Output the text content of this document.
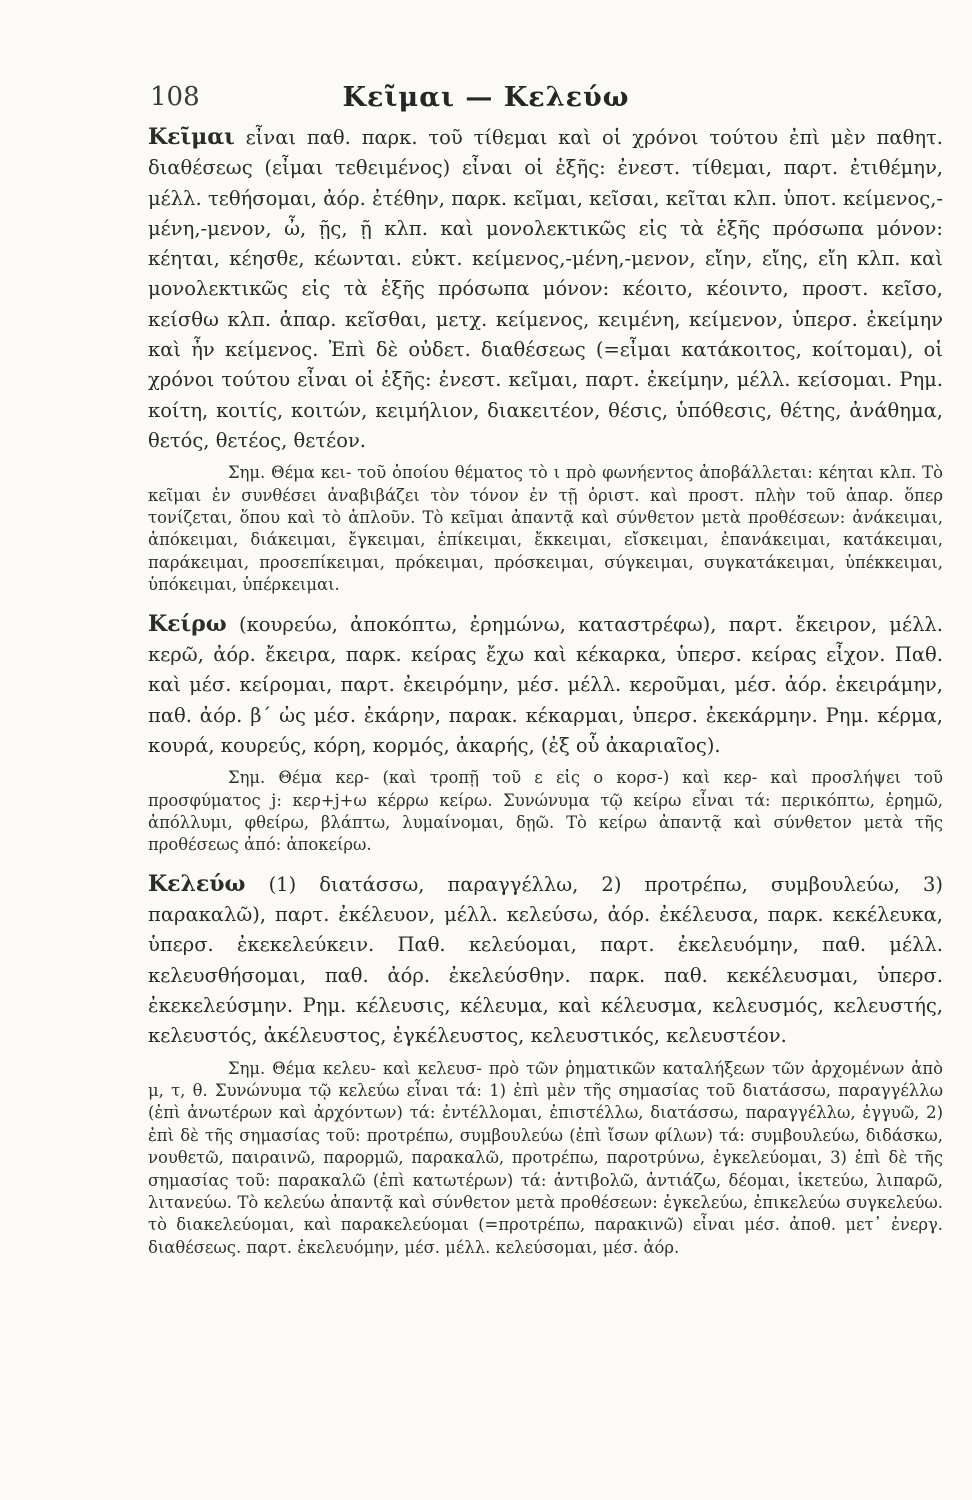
108	Κεῖμαι — Κελεύω

Κεῖμαι εἶναι παθ. παρκ. τοῦ τίθεμαι καὶ οἱ χρόνοι τούτου ἐπὶ μὲν παθητ. διαθέσεως (εἶμαι τεθειμένος) εἶναι οἱ ἑξῆς: ἐνεστ. τίθεμαι, παρτ. ἐτιθέμην, μέλλ. τεθήσομαι, ἀόρ. ἐτέθην, παρκ. κεῖμαι, κεῖσαι, κεῖται κλπ. ὑποτ. κείμενος,-μένη,-μενον, ὦ, ῇς, ῇ κλπ. καὶ μονολεκτικῶς εἰς τὰ ἑξῆς πρόσωπα μόνον: κέηται, κέησθε, κέωνται. εὐκτ. κείμενος,-μένη,-μενον, εἴην, εἴης, εἴη κλπ. καὶ μονολεκτικῶς εἰς τὰ ἑξῆς πρόσωπα μόνον: κέοιτο, κέοιντο, προστ. κεῖσο, κείσθω κλπ. ἀπαρ. κεῖσθαι, μετχ. κείμενος, κειμένη, κείμενον, ὑπερσ. ἐκείμην καὶ ἦν κείμενος. Ἐπὶ δὲ οὐδετ. διαθέσεως (=εἶμαι κατάκοιτος, κοίτομαι), οἱ χρόνοι τούτου εἶναι οἱ ἑξῆς: ἐνεστ. κεῖμαι, παρτ. ἐκείμην, μέλλ. κείσομαι. Ρημ. κοίτη, κοιτίς, κοιτών, κειμήλιον, διακειτέον, θέσις, ὑπόθεσις, θέτης, ἀνάθημα, θετός, θετέος, θετέον.

Σημ. Θέμα κει- τοῦ ὁποίου θέματος τὸ ι πρὸ φωνήεντος ἀποβάλλεται: κέηται κλπ. Τὸ κεῖμαι ἐν συνθέσει ἀναβιβάζει τὸν τόνον ἐν τῇ ὁριστ. καὶ προστ. πλὴν τοῦ ἀπαρ. ὅπερ τονίζεται, ὅπου καὶ τὸ ἁπλοῦν. Τὸ κεῖμαι ἀπαντᾷ καὶ σύνθετον μετὰ προθέσεων: ἀνάκειμαι, ἀπόκειμαι, διάκειμαι, ἔγκειμαι, ἐπίκειμαι, ἔκκειμαι, εἴσκειμαι, ἐπανάκειμαι, κατάκειμαι, παράκειμαι, προσεπίκειμαι, πρόκειμαι, πρόσκειμαι, σύγκειμαι, συγκατάκειμαι, ὑπέκκειμαι, ὑπόκειμαι, ὑπέρκειμαι.

Κείρω (κουρεύω, ἀποκόπτω, ἐρημώνω, καταστρέφω), παρτ. ἔκειρον, μέλλ. κερῶ, ἀόρ. ἔκειρα, παρκ. κείρας ἔχω καὶ κέκαρκα, ὑπερσ. κείρας εἶχον. Παθ. καὶ μέσ. κείρομαι, παρτ. ἐκειρόμην, μέσ. μέλλ. κεροῦμαι, μέσ. ἀόρ. ἐκειράμην, παθ. ἀόρ. β΄ ὡς μέσ. ἐκάρην, παρακ. κέκαρμαι, ὑπερσ. ἐκεκάρμην. Ρημ. κέρμα, κουρά, κουρεύς, κόρη, κορμός, ἀκαρής, (ἐξ οὗ ἀκαριαῖος).

Σημ. Θέμα κερ- (καὶ τροπῇ τοῦ ε εἰς ο κορσ-) καὶ κερ- καὶ προσλήψει τοῦ προσφύματος j: κερ+j+ω κέρρω κείρω. Συνώνυμα τῷ κείρω εἶναι τά: περικόπτω, ἐρημῶ, ἀπόλλυμι, φθείρω, βλάπτω, λυμαίνομαι, δῃῶ. Τὸ κείρω ἀπαντᾷ καὶ σύνθετον μετὰ τῆς προθέσεως ἀπό: ἀποκείρω.

Κελεύω (1) διατάσσω, παραγγέλλω, 2) προτρέπω, συμβουλεύω, 3) παρακαλῶ), παρτ. ἐκέλευον, μέλλ. κελεύσω, ἀόρ. ἐκέλευσα, παρκ. κεκέλευκα, ὑπερσ. ἐκεκελεύκειν. Παθ. κελεύομαι, παρτ. ἐκελευόμην, παθ. μέλλ. κελευσθήσομαι, παθ. ἀόρ. ἐκελεύσθην. παρκ. παθ. κεκέλευσμαι, ὑπερσ. ἐκεκελεύσμην. Ρημ. κέλευσις, κέλευμα, καὶ κέλευσμα, κελευσμός, κελευστής, κελευστός, ἀκέλευστος, ἐγκέλευστος, κελευστικός, κελευστέον.

Σημ. Θέμα κελευ- καὶ κελευσ- πρὸ τῶν ῥηματικῶν καταλήξεων τῶν ἀρχομένων ἀπὸ μ, τ, θ. Συνώνυμα τῷ κελεύω εἶναι τά: 1) ἐπὶ μὲν τῆς σημασίας τοῦ διατάσσω, παραγγέλλω (ἐπὶ ἀνωτέρων καὶ ἀρχόντων) τά: ἐντέλλομαι, ἐπιστέλλω, διατάσσω, παραγγέλλω, ἐγγυῶ, 2) ἐπὶ δὲ τῆς σημασίας τοῦ: προτρέπω, συμβουλεύω (ἐπὶ ἴσων φίλων) τά: συμβουλεύω, διδάσκω, νουθετῶ, παιραινῶ, παρορμῶ, παρακαλῶ, προτρέπω, παροτρύνω, ἐγκελεύομαι, 3) ἐπὶ δὲ τῆς σημασίας τοῦ: παρακαλῶ (ἐπὶ κατωτέρων) τά: ἀντιβολῶ, ἀντιάζω, δέομαι, ἱκετεύω, λιπαρῶ, λιτανεύω. Τὸ κελεύω ἀπαντᾷ καὶ σύνθετον μετὰ προθέσεων: ἐγκελεύω, ἐπικελεύω συγκελεύω. τὸ διακελεύομαι, καὶ παρακελεύομαι (=προτρέπω, παρακινῶ) εἶναι μέσ. ἀποθ. μετ᾽ ἐνεργ. διαθέσεως. παρτ. ἐκελευόμην, μέσ. μέλλ. κελεύσομαι, μέσ. ἀόρ.
